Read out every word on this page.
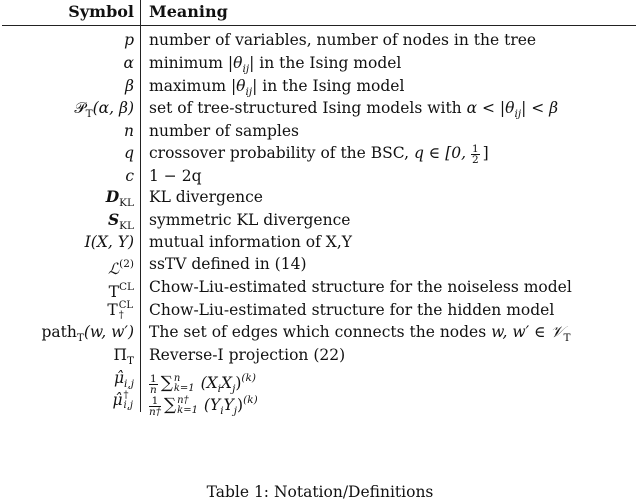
Symbol Meaning
p number of variables, number of nodes in the tree
α minimum $|\theta_{ij}|$ in the Ising model
β maximum $|\theta_{ij}|$ in the Ising model
𝒫$_T$(α, β) set of tree-structured Ising models with $\alpha < |\theta_{ij}| < \beta$
n number of samples
q crossover probability of the BSC, q ∈ [0, $\frac{1}{2}$ ]
c 1 − 2q
$D_{KL}$ KL divergence
$S_{KL}$ symmetric KL divergence
I(X, Y) mutual information of X,Y
ℒ$^{(2)}$ ssTV defined in (14)
$T^{CL}$ Chow-Liu-estimated structure for the noiseless model
T CL
†	Chow-Liu-estimated structure for the hidden model
path$_T$(w, w′) The set of edges which connects the nodes w, w′ ∈ 𝒱$_T$
$\Pi_T$ Reverse-I projection (22)
$\mû_{i,j} \frac{1}{n}$ ∑ n
k=1 $(X_iX_j)^{(k)}$
μ̂ †
$i,j \frac{1}{n\dagger}$ ∑ n†
k=1 $(Y_iY_j)^{(k)}$
Table 1: Notation/Definitions
